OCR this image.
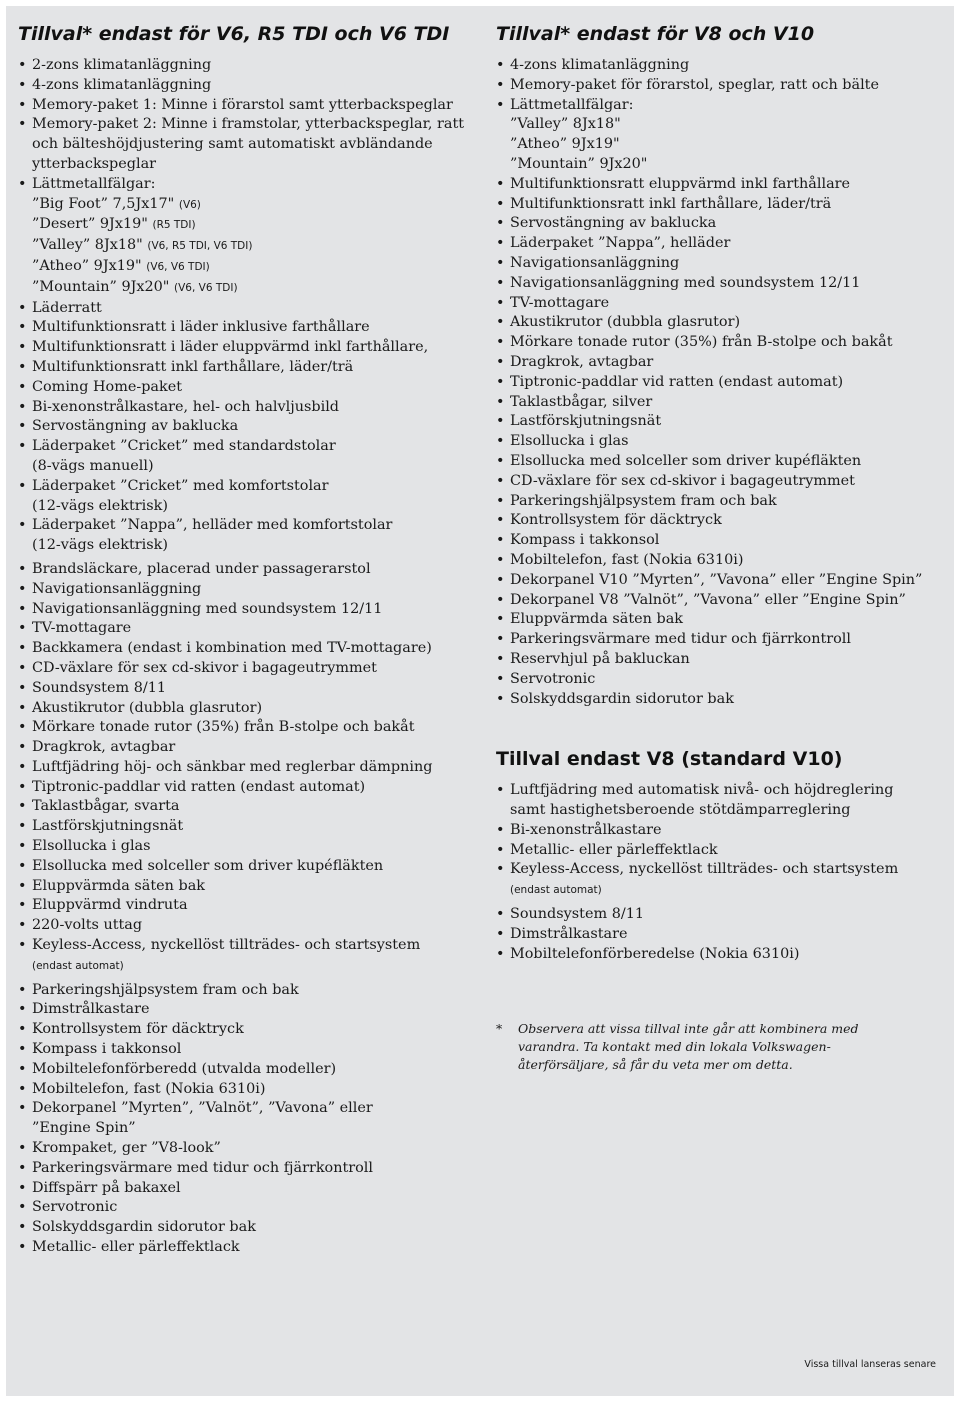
Tillval* endast för V6, R5 TDI och V6 TDI
• 2-zons klimatanläggning
• 4-zons klimatanläggning
• Memory-paket 1: Minne i förarstol samt ytterbackspeglar
• Memory-paket 2: Minne i framstolar, ytterbackspeglar, ratt
och bälteshöjdjustering samt automatiskt avbländande
ytterbackspeglar
• Lättmetallfälgar:
”Big Foot” 7,5Jx17" (V6)
”Desert” 9Jx19" (R5 TDI)
”Valley” 8Jx18" (V6, R5 TDI, V6 TDI)
”Atheo” 9Jx19" (V6, V6 TDI)
”Mountain” 9Jx20" (V6, V6 TDI)
• Läderratt
• Multifunktionsratt i läder inklusive farthållare
• Multifunktionsratt i läder eluppvärmd inkl farthållare,
• Multifunktionsratt inkl farthållare, läder/trä
• Coming Home-paket
• Bi-xenonstrålkastare, hel- och halvljusbild
• Servostängning av baklucka
• Läderpaket ”Cricket” med standardstolar
(8-vägs manuell)
• Läderpaket ”Cricket” med komfortstolar
(12-vägs elektrisk)
• Läderpaket ”Nappa”, helläder med komfortstolar
(12-vägs elektrisk)
• Brandsläckare, placerad under passagerarstol
• Navigationsanläggning
• Navigationsanläggning med soundsystem 12/11
• TV-mottagare
• Backkamera (endast i kombination med TV-mottagare)
• CD-växlare för sex cd-skivor i bagageutrymmet
• Soundsystem 8/11
• Akustikrutor (dubbla glasrutor)
• Mörkare tonade rutor (35%) från B-stolpe och bakåt
• Dragkrok, avtagbar
• Luftfjädring höj- och sänkbar med reglerbar dämpning
• Tiptronic-paddlar vid ratten (endast automat)
• Taklastbågar, svarta
• Lastförskjutningsnät
• Elsollucka i glas
• Elsollucka med solceller som driver kupéfläkten
• Eluppvärmda säten bak
• Eluppvärmd vindruta
• 220-volts uttag
• Keyless-Access, nyckellöst tillträdes- och startsystem
(endast automat)
• Parkeringshjälpsystem fram och bak
• Dimstrålkastare
• Kontrollsystem för däcktryck
• Kompass i takkonsol
• Mobiltelefonförberedd (utvalda modeller)
• Mobiltelefon, fast (Nokia 6310i)
• Dekorpanel ”Myrten”, ”Valnöt”, ”Vavona” eller
”Engine Spin”
• Krompaket, ger ”V8-look”
• Parkeringsvärmare med tidur och fjärrkontroll
• Diffspärr på bakaxel
• Servotronic
• Solskyddsgardin sidorutor bak
• Metallic- eller pärleffektlack
Tillval* endast för V8 och V10
• 4-zons klimatanläggning
• Memory-paket för förarstol, speglar, ratt och bälte
• Lättmetallfälgar:
”Valley” 8Jx18"
”Atheo” 9Jx19"
”Mountain” 9Jx20"
• Multifunktionsratt eluppvärmd inkl farthållare
• Multifunktionsratt inkl farthållare, läder/trä
• Servostängning av baklucka
• Läderpaket ”Nappa”, helläder
• Navigationsanläggning
• Navigationsanläggning med soundsystem 12/11
• TV-mottagare
• Akustikrutor (dubbla glasrutor)
• Mörkare tonade rutor (35%) från B-stolpe och bakåt
• Dragkrok, avtagbar
• Tiptronic-paddlar vid ratten (endast automat)
• Taklastbågar, silver
• Lastförskjutningsnät
• Elsollucka i glas
• Elsollucka med solceller som driver kupéfläkten
• CD-växlare för sex cd-skivor i bagageutrymmet
• Parkeringshjälpsystem fram och bak
• Kontrollsystem för däcktryck
• Kompass i takkonsol
• Mobiltelefon, fast (Nokia 6310i)
• Dekorpanel V10 ”Myrten”, ”Vavona” eller ”Engine Spin”
• Dekorpanel V8 ”Valnöt”, ”Vavona” eller ”Engine Spin”
• Eluppvärmda säten bak
• Parkeringsvärmare med tidur och fjärrkontroll
• Reservhjul på bakluckan
• Servotronic
• Solskyddsgardin sidorutor bak
Tillval endast V8 (standard V10)
• Luftfjädring med automatisk nivå- och höjdreglering
samt hastighetsberoende stötdämparreglering
• Bi-xenonstrålkastare
• Metallic- eller pärleffektlack
• Keyless-Access, nyckellöst tillträdes- och startsystem
(endast automat)
• Soundsystem 8/11
• Dimstrålkastare
• Mobiltelefonförberedelse (Nokia 6310i)
* Observera att vissa tillval inte går att kombinera med
varandra. Ta kontakt med din lokala Volkswagen-
återförsäljare, så får du veta mer om detta.
Vissa tillval lanseras senare
